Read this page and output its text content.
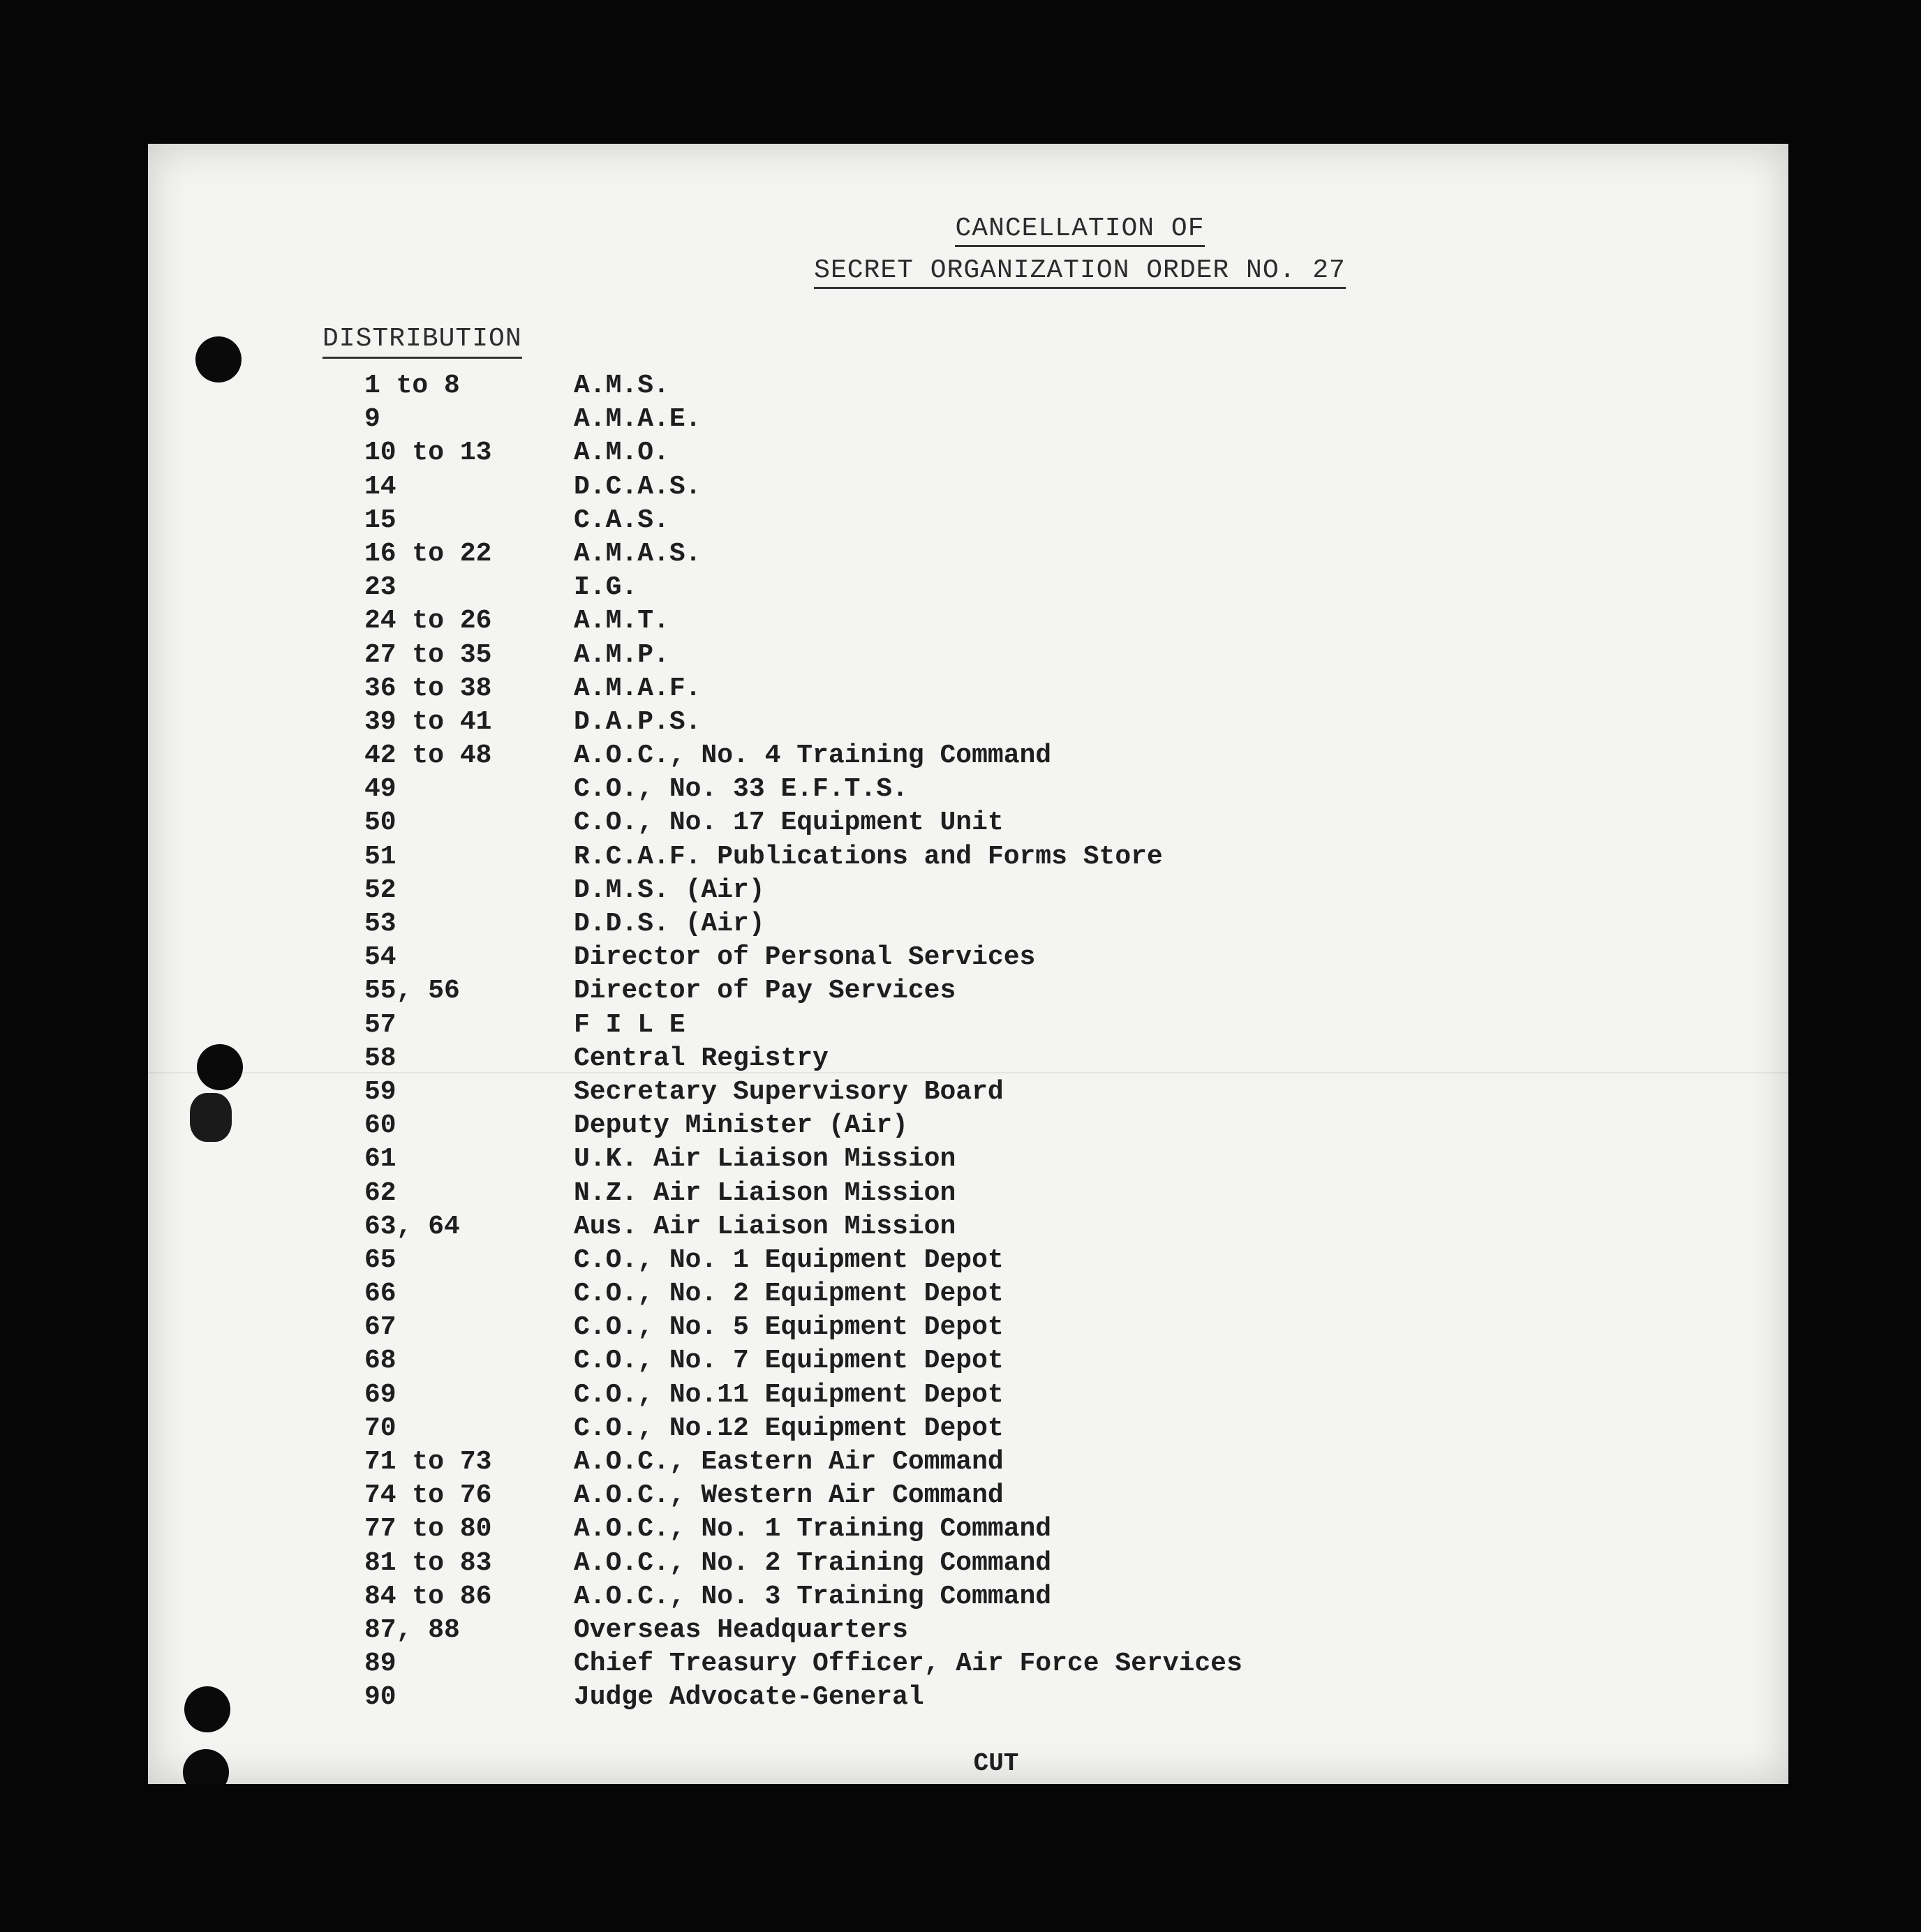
CANCELLATION OF
SECRET ORGANIZATION ORDER NO. 27
DISTRIBUTION
1 to 8	A.M.S.
9	A.M.A.E.
10 to 13	A.M.O.
14	D.C.A.S.
15	C.A.S.
16 to 22	A.M.A.S.
23	I.G.
24 to 26	A.M.T.
27 to 35	A.M.P.
36 to 38	A.M.A.F.
39 to 41	D.A.P.S.
42 to 48	A.O.C., No. 4 Training Command
49	C.O., No. 33 E.F.T.S.
50	C.O., No. 17 Equipment Unit
51	R.C.A.F. Publications and Forms Store
52	D.M.S. (Air)
53	D.D.S. (Air)
54	Director of Personal Services
55, 56	Director of Pay Services
57	F I L E
58	Central Registry
59	Secretary Supervisory Board
60	Deputy Minister (Air)
61	U.K. Air Liaison Mission
62	N.Z. Air Liaison Mission
63, 64	Aus. Air Liaison Mission
65	C.O., No. 1 Equipment Depot
66	C.O., No. 2 Equipment Depot
67	C.O., No. 5 Equipment Depot
68	C.O., No. 7 Equipment Depot
69	C.O., No.11 Equipment Depot
70	C.O., No.12 Equipment Depot
71 to 73	A.O.C., Eastern Air Command
74 to 76	A.O.C., Western Air Command
77 to 80	A.O.C., No. 1 Training Command
81 to 83	A.O.C., No. 2 Training Command
84 to 86	A.O.C., No. 3 Training Command
87, 88	Overseas Headquarters
89	Chief Treasury Officer, Air Force Services
90	Judge Advocate-General
CUT
